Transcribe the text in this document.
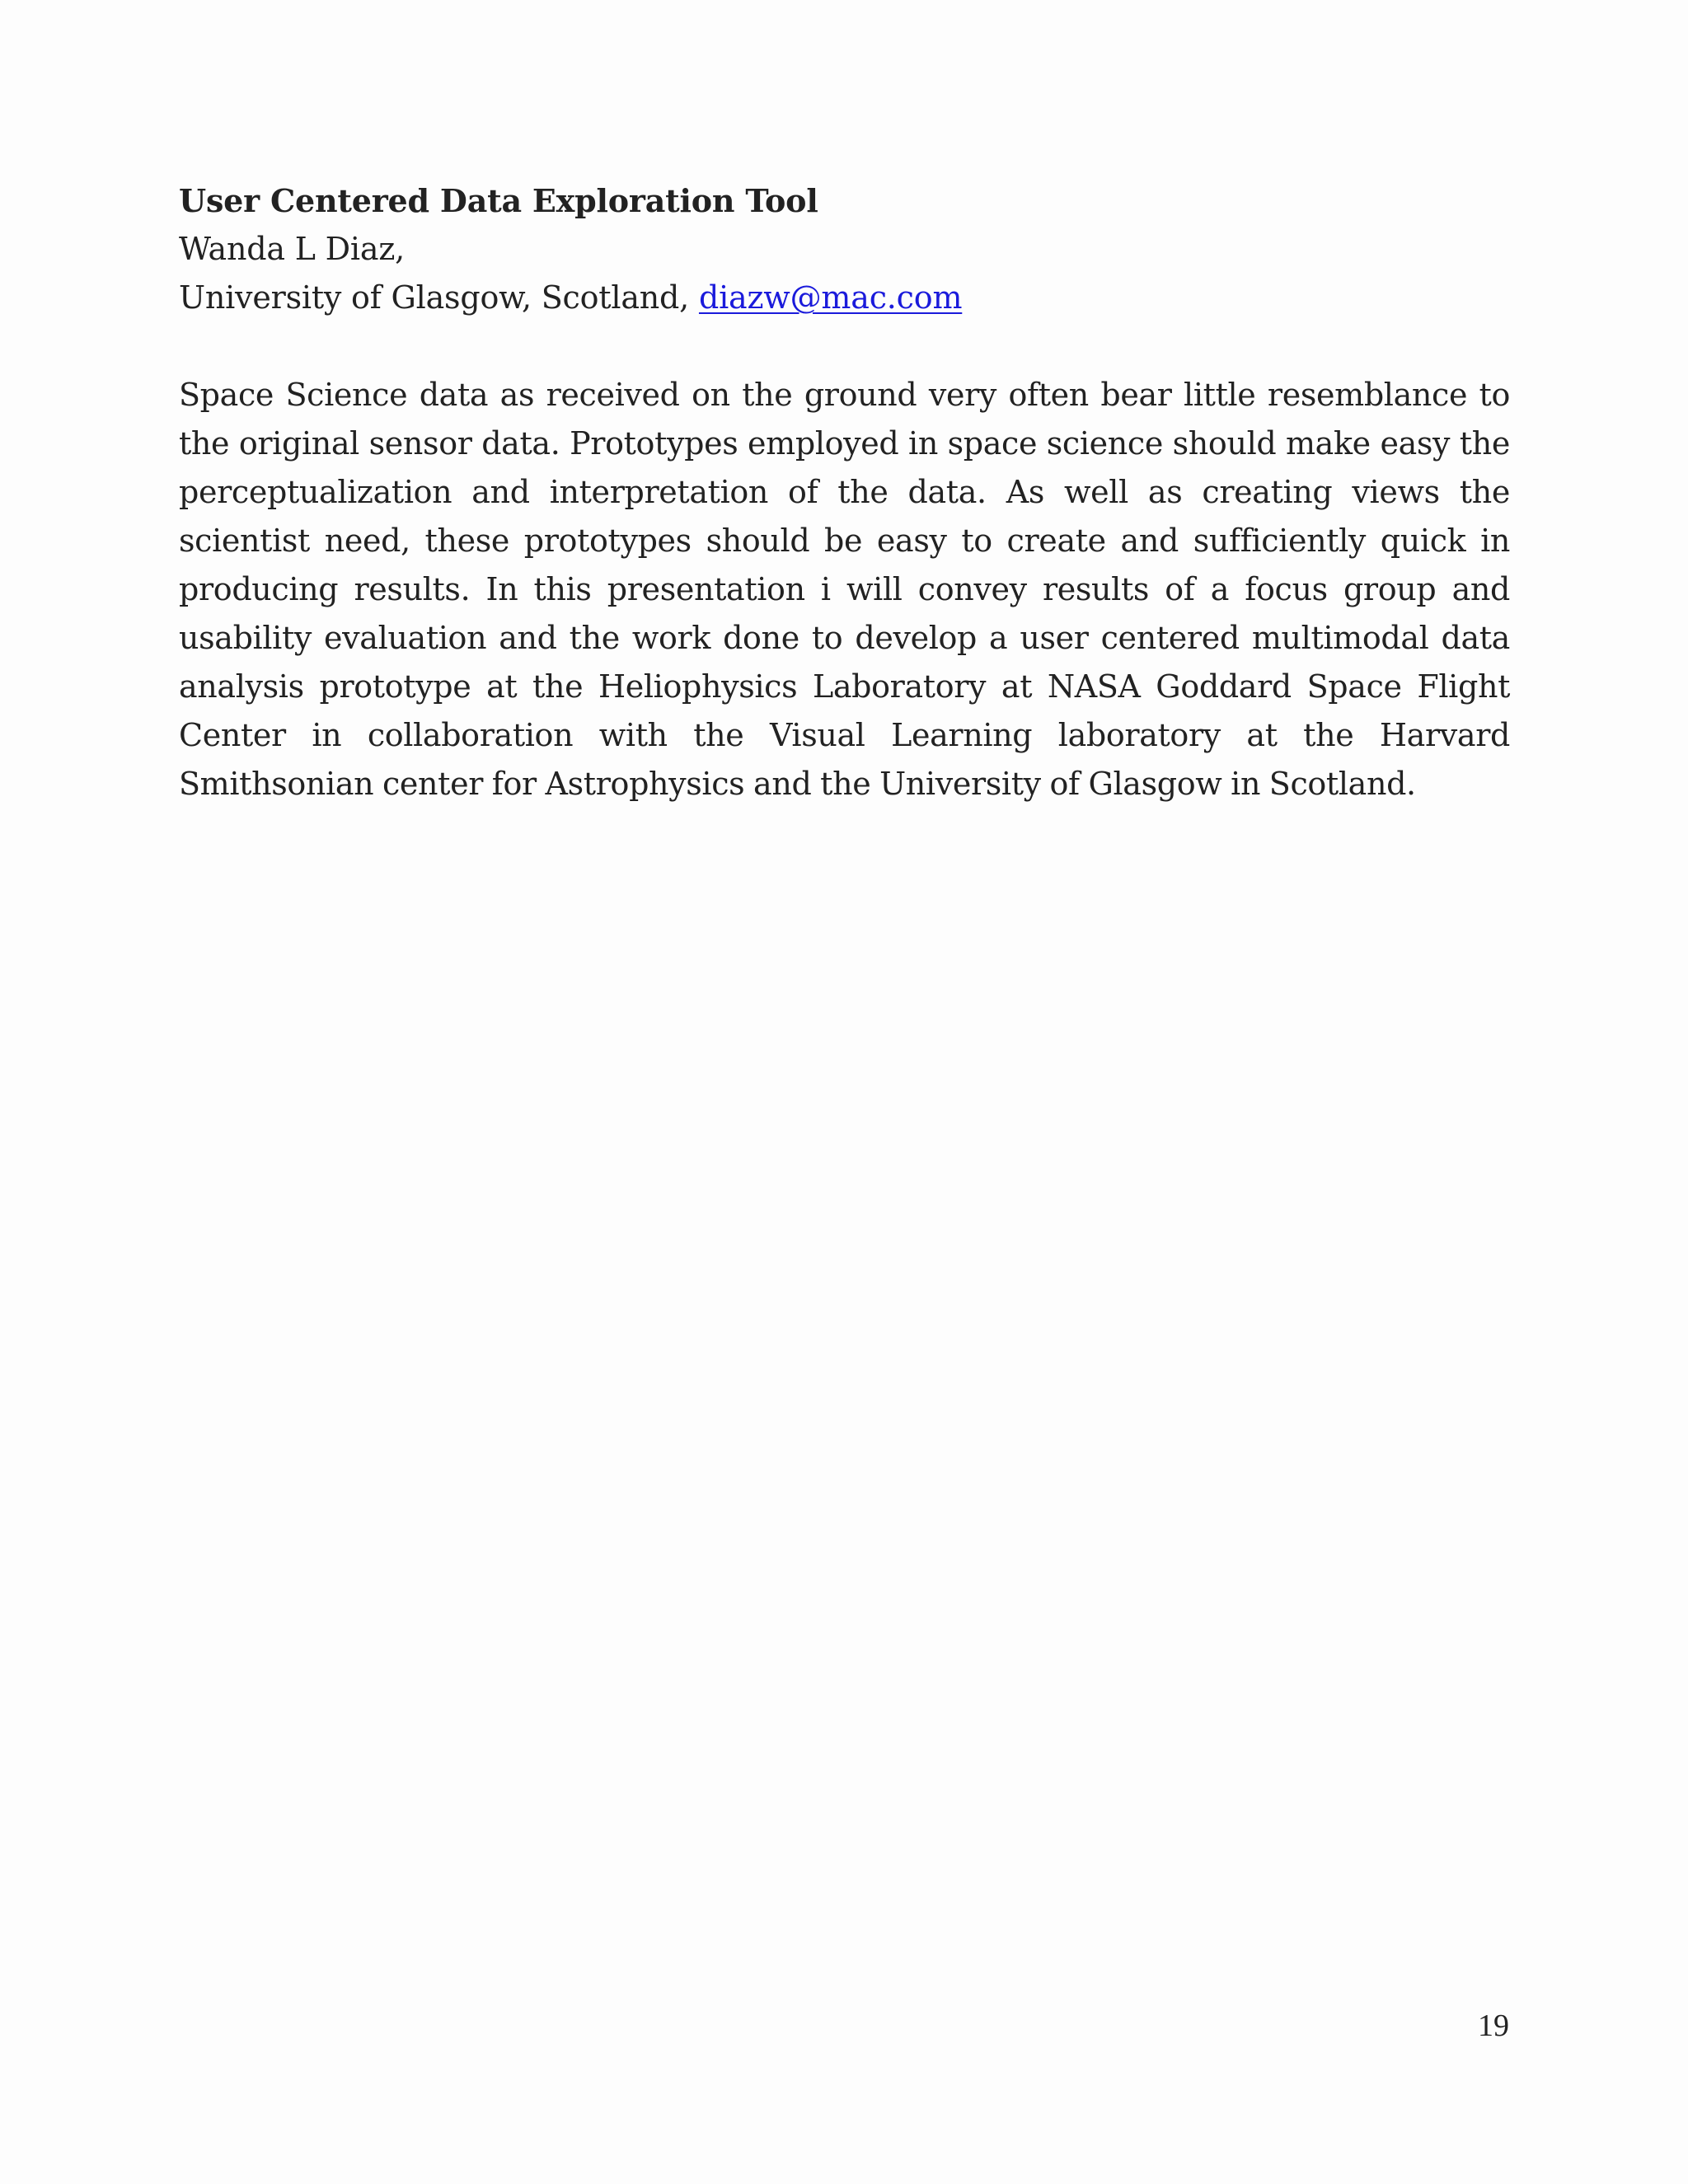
User Centered Data Exploration Tool

Wanda L Diaz,

University of Glasgow, Scotland, diazw@mac.com

Space Science data as received on the ground very often bear little resemblance to the original sensor data. Prototypes employed in space science should make easy the perceptualization and interpretation of the data. As well as creating views the scientist need, these prototypes should be easy to create and sufficiently quick in producing results. In this presentation i will convey results of a focus group and usability evaluation and the work done to develop a user centered multimodal data analysis prototype at the Heliophysics Laboratory at NASA Goddard Space Flight Center in collaboration with the Visual Learning laboratory at the Harvard Smithsonian center for Astrophysics and the University of Glasgow in Scotland.

19
